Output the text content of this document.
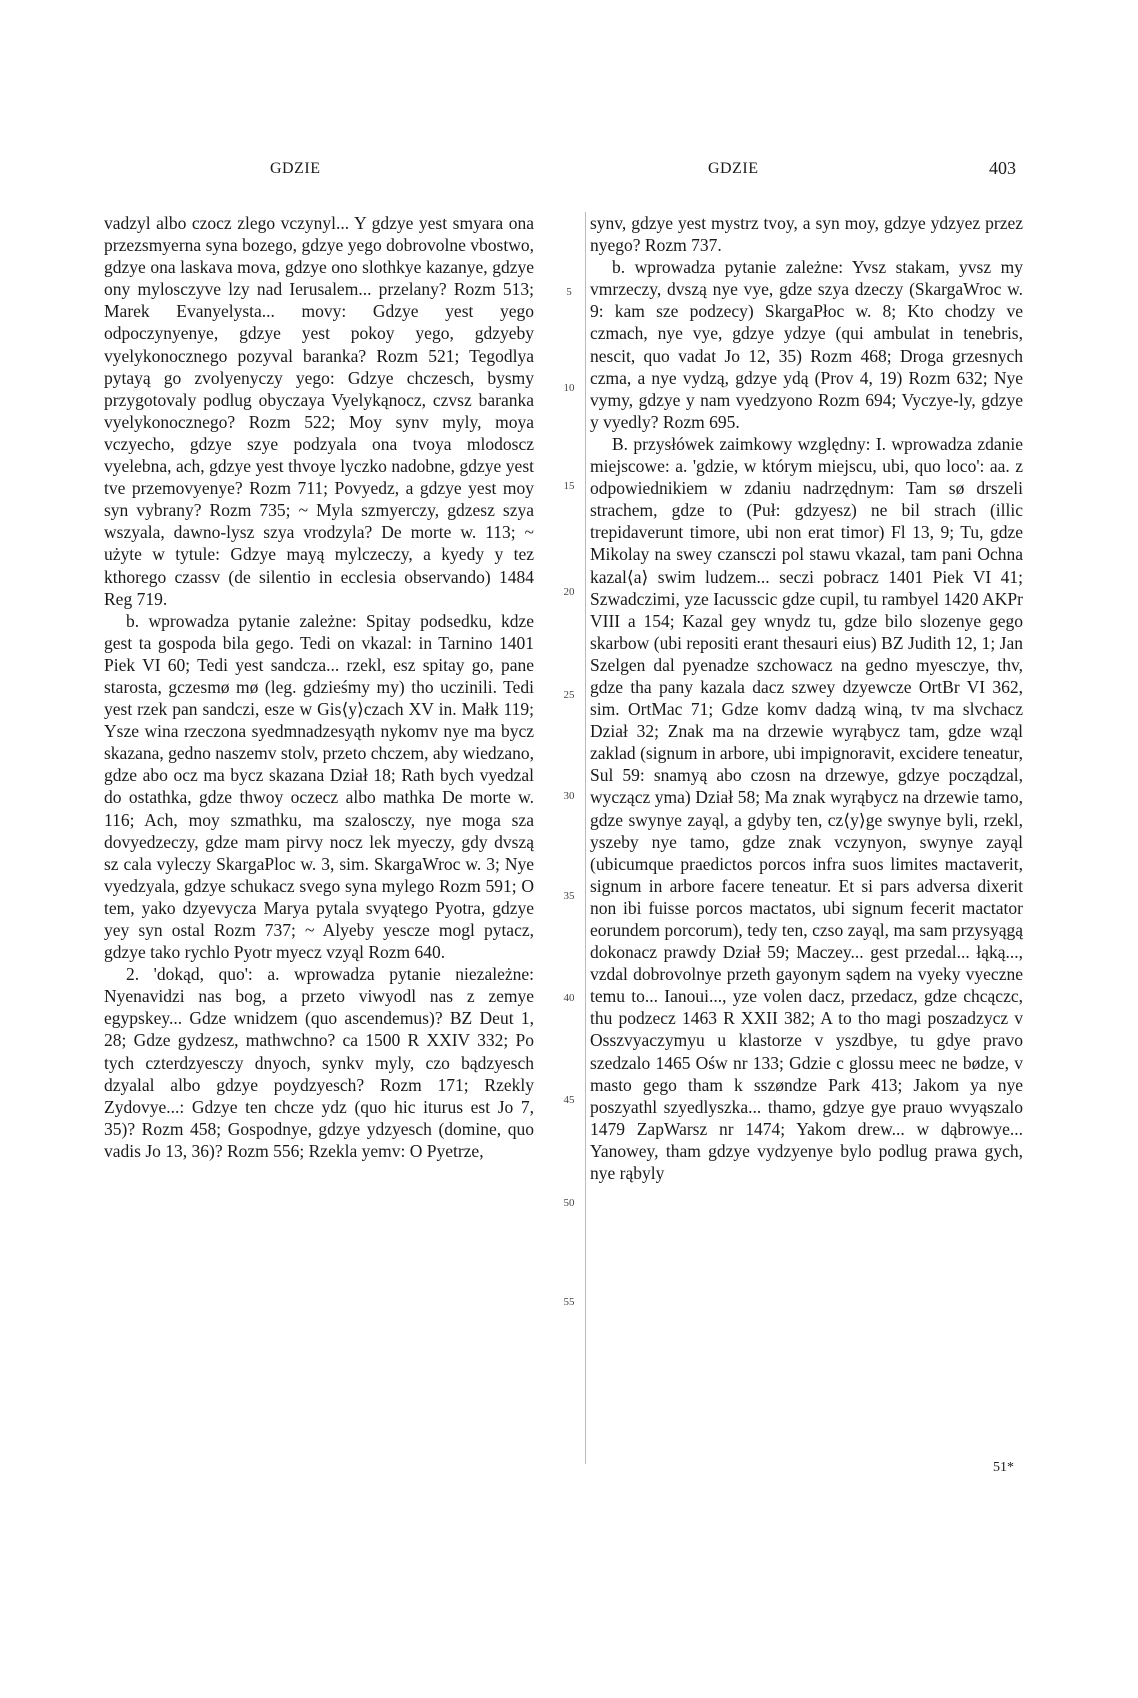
GDZIE	GDZIE	403

vadzyl albo czocz zlego vczynyl... Y gdzye yest smyara ona przezsmyerna syna bozego, gdzye yego dobrovolne vbostwo, gdzye ona laskava mova, gdzye ono slothkye kazanye, gdzye ony mylosczyve lzy nad Ierusalem... przelany? Rozm 513; Marek Evanyelysta... movy: Gdzye yest yego odpoczynyenye, gdzye yest pokoy yego, gdzyeby vyelykonocznego pozyval baranka? Rozm 521; Tegodlya pytayą go zvolyenyczy yego: Gdzye chczesch, bysmy przygotovaly podlug obyczaya Vyelykąnocz, czvsz baranka vyelykonocznego? Rozm 522; Moy synv myly, moya vczyecho, gdzye szye podzyala ona tvoya mlodoscz vyelebna, ach, gdzye yest thvoye lyczko nadobne, gdzye yest tve przemovyenye? Rozm 711; Povyedz, a gdzye yest moy syn vybrany? Rozm 735; ~ Myla szmyerczy, gdzesz szya wszyala, dawno-lysz szya vrodzyla? De morte w. 113; ~ użyte w tytule: Gdzye mayą mylczeczy, a kyedy y tez kthorego czassv (de silentio in ecclesia observando) 1484 Reg 719.

b. wprowadza pytanie zależne: Spitay podsedku, kdze gest ta gospoda bila gego. Tedi on vkazal: in Tarnino 1401 Piek VI 60; Tedi yest sandcza... rzekl, esz spitay go, pane starosta, gczesmø mø (leg. gdzieśmy my) tho uczinili. Tedi yest rzek pan sandczi, esze w Gis⟨y⟩czach XV in. Małk 119; Ysze wina rzeczona syedmnadzesyąth nykomv nye ma bycz skazana, gedno naszemv stolv, przeto chczem, aby wiedzano, gdze abo ocz ma bycz skazana Dział 18; Rath bych vyedzal do ostathka, gdze thwoy oczecz albo mathka De morte w. 116; Ach, moy szmathku, ma szalosczy, nye moga sza dovyedzeczy, gdze mam pirvy nocz lek myeczy, gdy dvszą sz cala vyleczy SkargaPloc w. 3, sim. SkargaWroc w. 3; Nye vyedzyala, gdzye schukacz svego syna mylego Rozm 591; O tem, yako dzyevycza Marya pytala svyątego Pyotra, gdzye yey syn ostal Rozm 737; ~ Alyeby yescze mogl pytacz, gdzye tako rychlo Pyotr myecz vzyąl Rozm 640.

2. 'dokąd, quo': a. wprowadza pytanie niezależne: Nyenavidzi nas bog, a przeto viwyodl nas z zemye egypskey... Gdze wnidzem (quo ascendemus)? BZ Deut 1, 28; Gdze gydzesz, mathwchno? ca 1500 R XXIV 332; Po tych czterdzyesczy dnyoch, synkv myly, czo bądzyesch dzyalal albo gdzye poydzyesch? Rozm 171; Rzekly Zydovye...: Gdzye ten chcze ydz (quo hic iturus est Jo 7, 35)? Rozm 458; Gospodnye, gdzye ydzyesch (domine, quo vadis Jo 13, 36)? Rozm 556; Rzekla yemv: O Pyetrze,

5
10
15
20
25
30
35
40
45
50
55

synv, gdzye yest mystrz tvoy, a syn moy, gdzye ydzyez przez nyego? Rozm 737.

b. wprowadza pytanie zależne: Yvsz stakam, yvsz my vmrzeczy, dvszą nye vye, gdze szya dzeczy (SkargaWroc w. 9: kam sze podzecy) SkargaPłoc w. 8; Kto chodzy ve czmach, nye vye, gdzye ydzye (qui ambulat in tenebris, nescit, quo vadat Jo 12, 35) Rozm 468; Droga grzesnych czma, a nye vydzą, gdzye ydą (Prov 4, 19) Rozm 632; Nye vymy, gdzye y nam vyedzyono Rozm 694; Vyczye-ly, gdzye y vyedly? Rozm 695.

B. przysłówek zaimkowy względny: I. wprowadza zdanie miejscowe: a. 'gdzie, w którym miejscu, ubi, quo loco': aa. z odpowiednikiem w zdaniu nadrzędnym: Tam sø drszeli strachem, gdze to (Puł: gdzyesz) ne bil strach (illic trepidaverunt timore, ubi non erat timor) Fl 13, 9; Tu, gdze Mikolay na swey czansczi pol stawu vkazal, tam pani Ochna kazal⟨a⟩ swim ludzem... seczi pobracz 1401 Piek VI 41; Szwadczimi, yze Iacusscic gdze cupil, tu rambyel 1420 AKPr VIII a 154; Kazal gey wnydz tu, gdze bilo slozenye gego skarbow (ubi repositi erant thesauri eius) BZ Judith 12, 1; Jan Szelgen dal pyenadze szchowacz na gedno myesczye, thv, gdze tha pany kazala dacz szwey dzyewcze OrtBr VI 362, sim. OrtMac 71; Gdze komv dadzą winą, tv ma slvchacz Dział 32; Znak ma na drzewie wyrąbycz tam, gdze wząl zaklad (signum in arbore, ubi impignoravit, excidere teneatur, Sul 59: snamyą abo czosn na drzewye, gdzye począdzal, wyczącz yma) Dział 58; Ma znak wyrąbycz na drzewie tamo, gdze swynye zayąl, a gdyby ten, cz⟨y⟩ge swynye byli, rzekl, yszeby nye tamo, gdze znak vczynyon, swynye zayąl (ubicumque praedictos porcos infra suos limites mactaverit, signum in arbore facere teneatur. Et si pars adversa dixerit non ibi fuisse porcos mactatos, ubi signum fecerit mactator eorundem porcorum), tedy ten, czso zayąl, ma sam przysyągą dokonacz prawdy Dział 59; Maczey... gest przedal... łąką..., vzdal dobrovolnye przeth gayonym sądem na vyeky vyeczne temu to... Ianoui..., yze volen dacz, przedacz, gdze chcączc, thu podzecz 1463 R XXII 382; A to tho magi poszadzycz v Osszvyaczymyu u klastorze v yszdbye, tu gdye pravo szedzalo 1465 Ośw nr 133; Gdzie c glossu meec ne bødze, v masto gego tham k sszøndze Park 413; Jakom ya nye poszyathl szyedlyszka... thamo, gdzye gye prauo wvyąszalo 1479 ZapWarsz nr 1474; Yakom drew... w dąbrowye... Yanowey, tham gdzye vydzyenye bylo podlug prawa gych, nye rąbyly

51*
